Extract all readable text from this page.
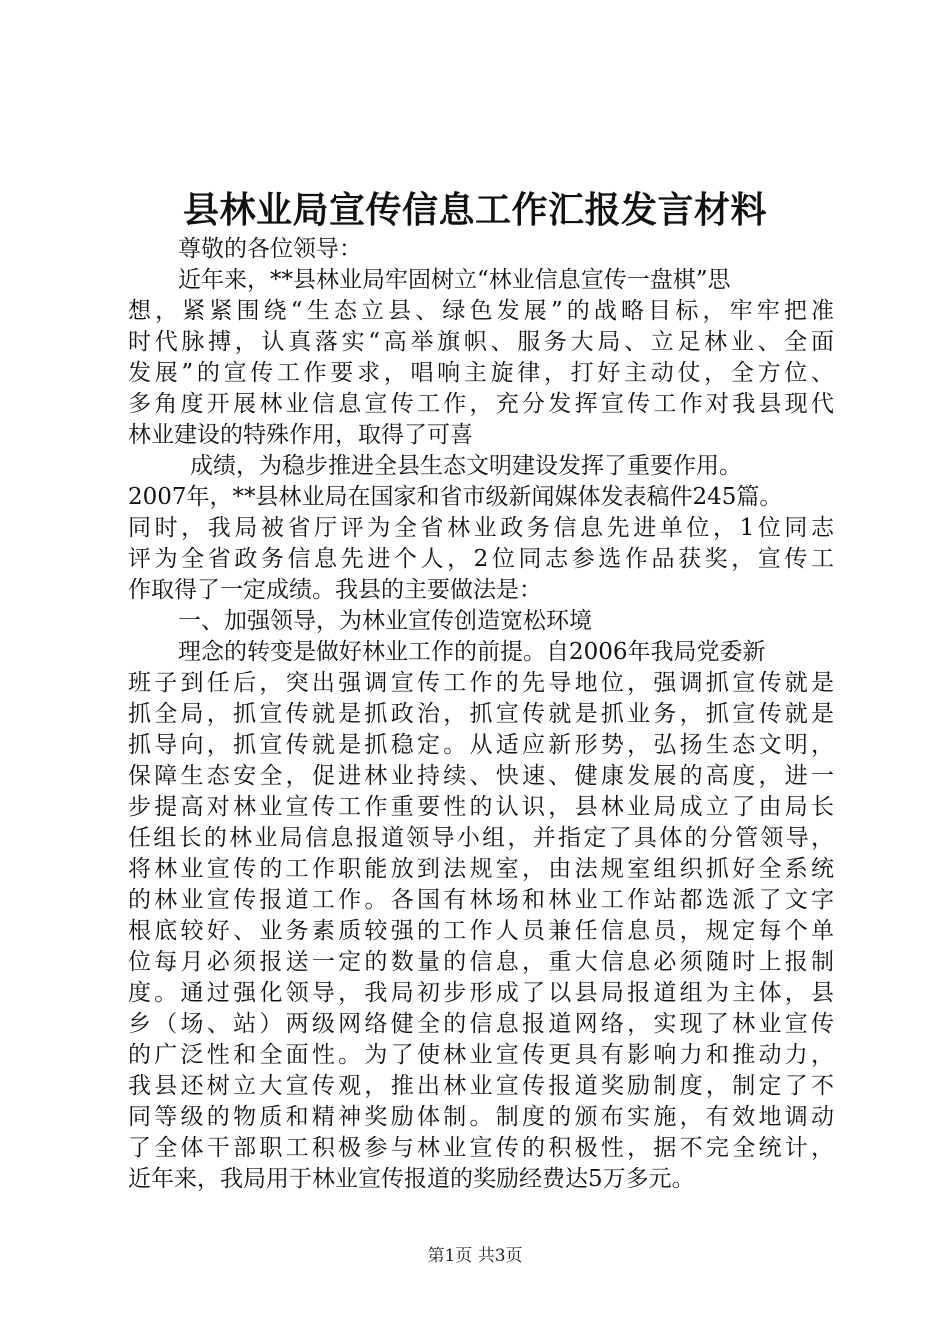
县林业局宣传信息工作汇报发言材料
尊敬的各位领导：
近年来，**县林业局牢固树立“林业信息宣传一盘棋”思
想，紧紧围绕“生态立县、绿色发展”的战略目标，牢牢把准
时代脉搏，认真落实“高举旗帜、服务大局、立足林业、全面
发展”的宣传工作要求，唱响主旋律，打好主动仗，全方位、
多角度开展林业信息宣传工作，充分发挥宣传工作对我县现代
林业建设的特殊作用，取得了可喜
成绩，为稳步推进全县生态文明建设发挥了重要作用。
2007年，**县林业局在国家和省市级新闻媒体发表稿件245篇。
同时，我局被省厅评为全省林业政务信息先进单位，1位同志
评为全省政务信息先进个人，2位同志参选作品获奖，宣传工
作取得了一定成绩。我县的主要做法是：
一、加强领导，为林业宣传创造宽松环境
理念的转变是做好林业工作的前提。自2006年我局党委新
班子到任后，突出强调宣传工作的先导地位，强调抓宣传就是
抓全局，抓宣传就是抓政治，抓宣传就是抓业务，抓宣传就是
抓导向，抓宣传就是抓稳定。从适应新形势，弘扬生态文明，
保障生态安全，促进林业持续、快速、健康发展的高度，进一
步提高对林业宣传工作重要性的认识，县林业局成立了由局长
任组长的林业局信息报道领导小组，并指定了具体的分管领导，
将林业宣传的工作职能放到法规室，由法规室组织抓好全系统
的林业宣传报道工作。各国有林场和林业工作站都选派了文字
根底较好、业务素质较强的工作人员兼任信息员，规定每个单
位每月必须报送一定的数量的信息，重大信息必须随时上报制
度。通过强化领导，我局初步形成了以县局报道组为主体，县
乡（场、站）两级网络健全的信息报道网络，实现了林业宣传
的广泛性和全面性。为了使林业宣传更具有影响力和推动力，
我县还树立大宣传观，推出林业宣传报道奖励制度，制定了不
同等级的物质和精神奖励体制。制度的颁布实施，有效地调动
了全体干部职工积极参与林业宣传的积极性，据不完全统计，
近年来，我局用于林业宣传报道的奖励经费达5万多元。
第1页 共3页
